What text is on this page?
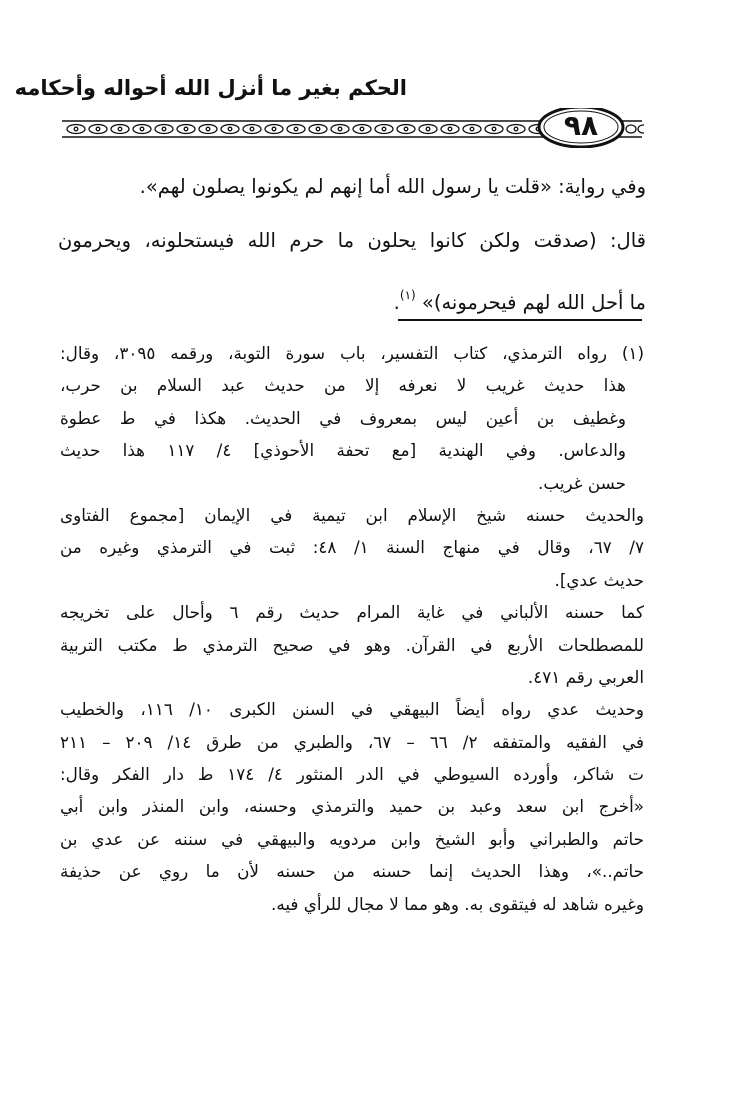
الحكم بغير ما أنزل الله أحواله وأحكامه
٩٨
وفي رواية: «قلت يا رسول الله أما إنهم لم يكونوا يصلون لهم».
قال: (صدقت ولكن كانوا يحلون ما حرم الله فيستحلونه، ويحرمون
ما أحل الله لهم فيحرمونه)» $^{(١)}$.
(١) رواه الترمذي، كتاب التفسير، باب سورة التوبة، ورقمه ٣٠٩٥، وقال:
هذا حديث غريب لا نعرفه إلا من حديث عبد السلام بن حرب،
وغطيف بن أعين ليس بمعروف في الحديث. هكذا في ط عطوة
والدعاس. وفي الهندية [مع تحفة الأحوذي] ٤/ ١١٧ هذا حديث
حسن غريب.
والحديث حسنه شيخ الإسلام ابن تيمية في الإيمان [مجموع الفتاوى
٧/ ٦٧، وقال في منهاج السنة ١/ ٤٨: ثبت في الترمذي وغيره من
حديث عدي].
كما حسنه الألباني في غاية المرام حديث رقم ٦ وأحال على تخريجه
للمصطلحات الأربع في القرآن. وهو في صحيح الترمذي ط مكتب التربية
العربي رقم ٤٧١.
وحديث عدي رواه أيضاً البيهقي في السنن الكبرى ١٠/ ١١٦، والخطيب
في الفقيه والمتفقه ٢/ ٦٦ – ٦٧، والطبري من طرق ١٤/ ٢٠٩ – ٢١١
ت شاكر، وأورده السيوطي في الدر المنثور ٤/ ١٧٤ ط دار الفكر وقال:
«أخرج ابن سعد وعبد بن حميد والترمذي وحسنه، وابن المنذر وابن أبي
حاتم والطبراني وأبو الشيخ وابن مردويه والبيهقي في سننه عن عدي بن
حاتم..»، وهذا الحديث إنما حسنه من حسنه لأن ما روي عن حذيفة
وغيره شاهد له فيتقوى به. وهو مما لا مجال للرأي فيه.
